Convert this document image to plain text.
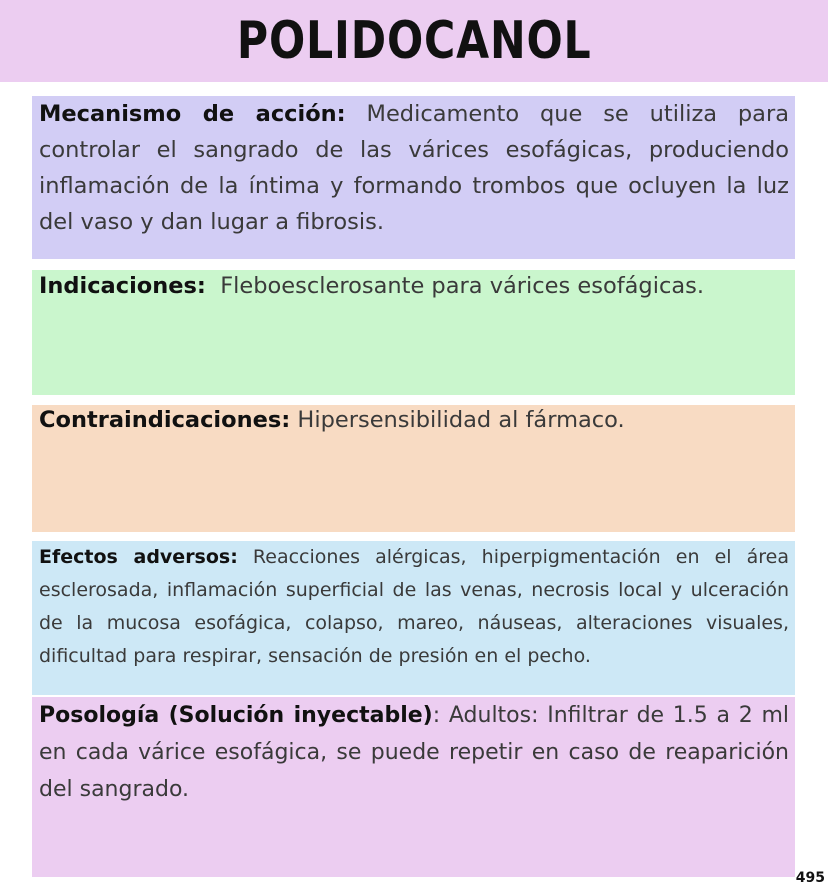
POLIDOCANOL

Mecanismo de acción: Medicamento que se utiliza para controlar el sangrado de las várices esofágicas, produciendo inflamación de la íntima y formando trombos que ocluyen la luz del vaso y dan lugar a fibrosis.

Indicaciones:  Fleboesclerosante para várices esofágicas.

Contraindicaciones: Hipersensibilidad al fármaco.

Efectos adversos: Reacciones alérgicas, hiperpigmentación en el área esclerosada, inflamación superficial de las venas, necrosis local y ulceración de la mucosa esofágica, colapso, mareo, náuseas, alteraciones visuales, dificultad para respirar, sensación de presión en el pecho.

Posología (Solución inyectable): Adultos: Infiltrar de 1.5 a 2 ml en cada várice esofágica, se puede repetir en caso de reaparición del sangrado.

495
